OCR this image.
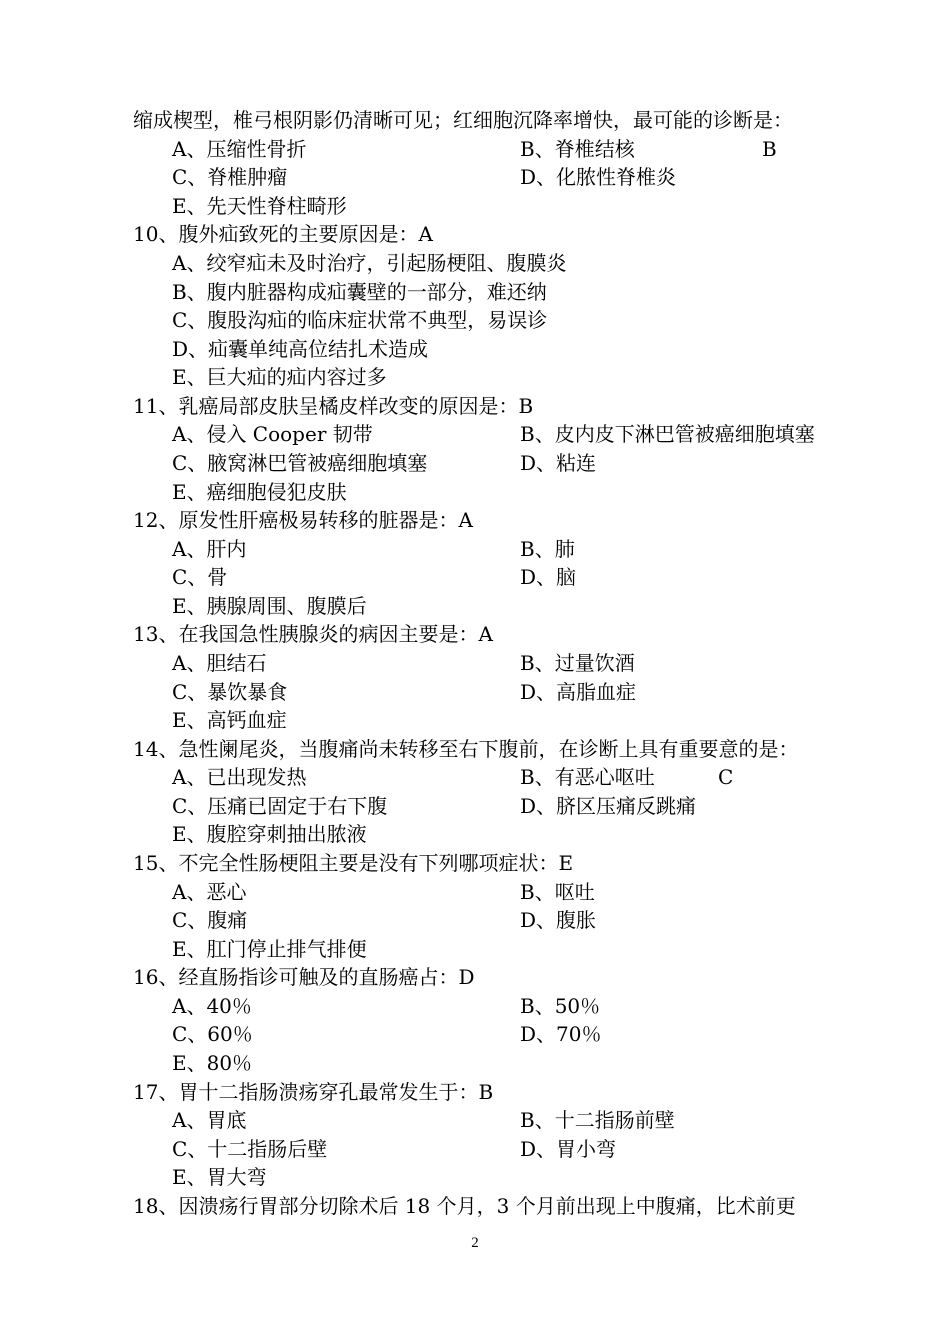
缩成楔型，椎弓根阴影仍清晰可见；红细胞沉降率增快，最可能的诊断是：
A、压缩性骨折	B、脊椎结核
C、脊椎肿瘤	D、化脓性脊椎炎
E、先天性脊柱畸形
10、腹外疝致死的主要原因是：A
A、绞窄疝未及时治疗，引起肠梗阻、腹膜炎
B、腹内脏器构成疝囊壁的一部分，难还纳
C、腹股沟疝的临床症状常不典型，易误诊
D、疝囊单纯高位结扎术造成
E、巨大疝的疝内容过多
11、乳癌局部皮肤呈橘皮样改变的原因是：B
A、侵入 Cooper 韧带	B、皮内皮下淋巴管被癌细胞填塞
C、腋窝淋巴管被癌细胞填塞	D、粘连
E、癌细胞侵犯皮肤
12、原发性肝癌极易转移的脏器是：A
A、肝内	B、肺
C、骨	D、脑
E、胰腺周围、腹膜后
13、在我国急性胰腺炎的病因主要是：A
A、胆结石	B、过量饮酒
C、暴饮暴食	D、高脂血症
E、高钙血症
14、急性阑尾炎，当腹痛尚未转移至右下腹前，在诊断上具有重要意的是：
A、已出现发热	B、有恶心呕吐
C、压痛已固定于右下腹	D、脐区压痛反跳痛
E、腹腔穿刺抽出脓液
15、不完全性肠梗阻主要是没有下列哪项症状：E
A、恶心	B、呕吐
C、腹痛	D、腹胀
E、肛门停止排气排便
16、经直肠指诊可触及的直肠癌占：D
A、40％	B、50％
C、60％	D、70％
E、80％
17、胃十二指肠溃疡穿孔最常发生于：B
A、胃底	B、十二指肠前壁
C、十二指肠后壁	D、胃小弯
E、胃大弯
18、因溃疡行胃部分切除术后 18 个月，3 个月前出现上中腹痛，比术前更
B
C
2
